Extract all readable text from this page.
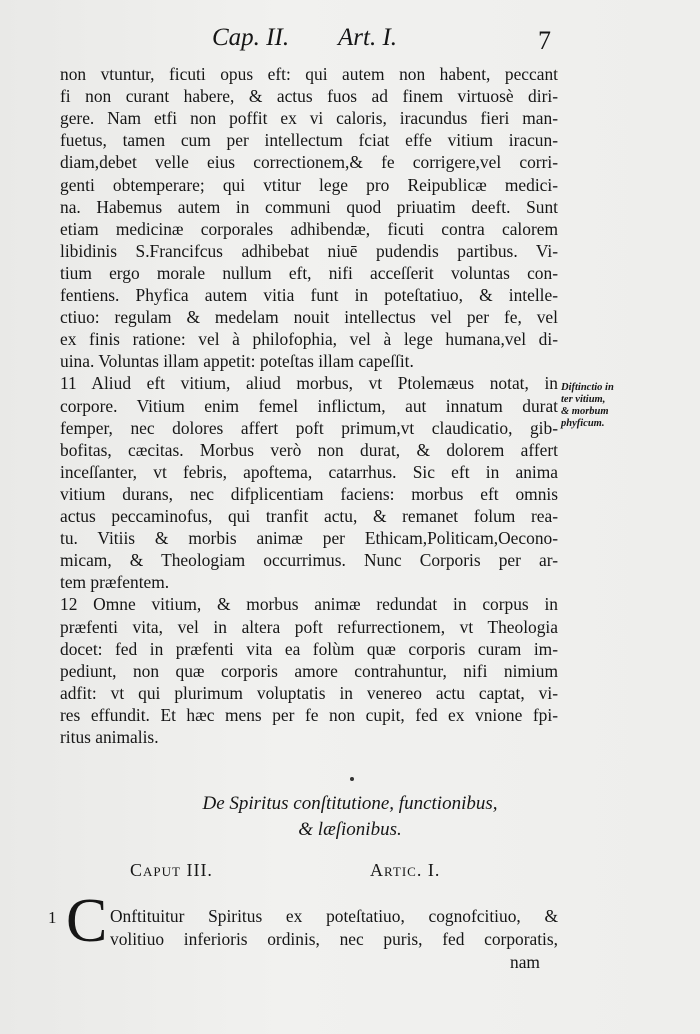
Cap. II. Art. I.	7
non vtuntur, ficuti opus eft: qui autem non habent, peccant
fi non curant habere, & actus fuos ad finem virtuosè diri-
gere. Nam etfi non poffit ex vi caloris, iracundus fieri man-
fuetus, tamen cum per intellectum fciat effe vitium iracun-
diam,debet velle eius correctionem,& fe corrigere,vel corri-
genti obtemperare; qui vtitur lege pro Reipublicæ medici-
na. Habemus autem in communi quod priuatim deeft. Sunt
etiam medicinæ corporales adhibendæ, ficuti contra calorem
libidinis S.Francifcus adhibebat niuē pudendis partibus. Vi-
tium ergo morale nullum eft, nifi acceſſerit voluntas con-
fentiens. Phyfica autem vitia funt in poteſtatiuo, & intelle-
ctiuo: regulam & medelam nouit intellectus vel per fe, vel
ex finis ratione: vel à philofophia, vel à lege humana,vel di-
uina. Voluntas illam appetit: poteſtas illam capeſſit.
11 Aliud eft vitium, aliud morbus, vt Ptolemæus notat, in
corpore. Vitium enim femel inflictum, aut innatum durat
femper, nec dolores affert poft primum,vt claudicatio, gib-
bofitas, cæcitas. Morbus verò non durat, & dolorem affert
inceſſanter, vt febris, apoftema, catarrhus. Sic eft in anima
vitium durans, nec difplicentiam faciens: morbus eft omnis
actus peccaminofus, qui tranfit actu, & remanet folum rea-
tu. Vitiis & morbis animæ per Ethicam,Politicam,Oecono-
micam, & Theologiam occurrimus. Nunc Corporis per ar-
tem præfentem.
12 Omne vitium, & morbus animæ redundat in corpus in
præfenti vita, vel in altera poft refurrectionem, vt Theologia
docet: fed in præfenti vita ea folùm quæ corporis curam im-
pediunt, non quæ corporis amore contrahuntur, nifi nimium
adfit: vt qui plurimum voluptatis in venereo actu captat, vi-
res effundit. Et hæc mens per fe non cupit, fed ex vnione fpi-
ritus animalis.
Diftinctio in
ter vitium,
& morbum
phyficum.
De Spiritus conſtitutione, functionibus,
& læſionibus.
Caput III.	Artic. I.
1 C Onftituitur Spiritus ex poteſtatiuo, cognofcitiuo, &
volitiuo inferioris ordinis, nec puris, fed corporatis,
nam
